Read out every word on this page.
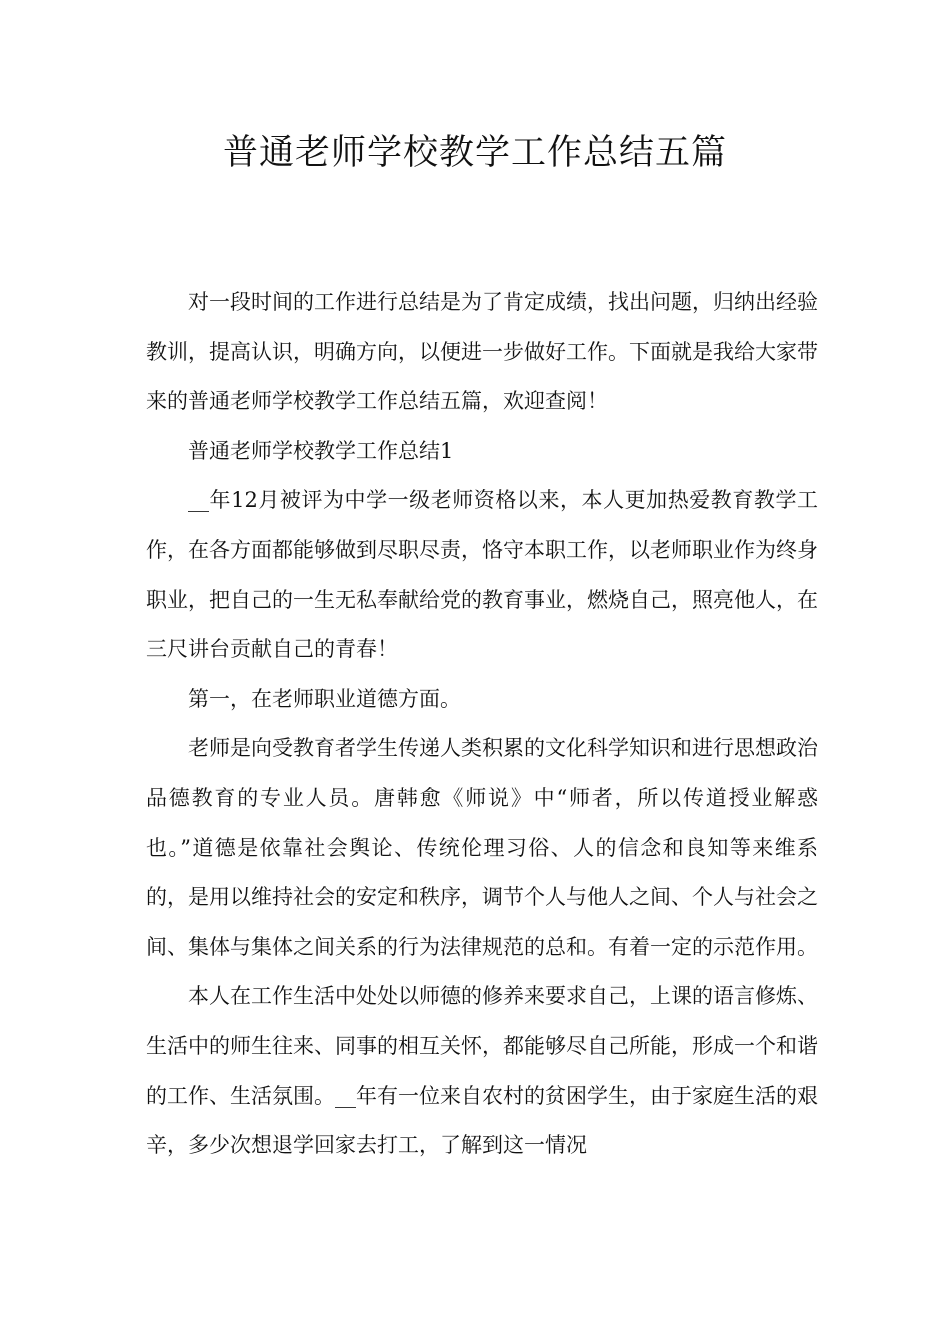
普通老师学校教学工作总结五篇

对一段时间的工作进行总结是为了肯定成绩，找出问题，归纳出经验教训，提高认识，明确方向，以便进一步做好工作。下面就是我给大家带来的普通老师学校教学工作总结五篇，欢迎查阅！

普通老师学校教学工作总结1

__年12月被评为中学一级老师资格以来，本人更加热爱教育教学工作，在各方面都能够做到尽职尽责，恪守本职工作，以老师职业作为终身职业，把自己的一生无私奉献给党的教育事业，燃烧自己，照亮他人，在三尺讲台贡献自己的青春！

第一，在老师职业道德方面。

老师是向受教育者学生传递人类积累的文化科学知识和进行思想政治品德教育的专业人员。唐韩愈《师说》中“师者，所以传道授业解惑也。”道德是依靠社会舆论、传统伦理习俗、人的信念和良知等来维系的，是用以维持社会的安定和秩序，调节个人与他人之间、个人与社会之间、集体与集体之间关系的行为法律规范的总和。有着一定的示范作用。

本人在工作生活中处处以师德的修养来要求自己，上课的语言修炼、生活中的师生往来、同事的相互关怀，都能够尽自己所能，形成一个和谐的工作、生活氛围。__年有一位来自农村的贫困学生，由于家庭生活的艰辛，多少次想退学回家去打工，了解到这一情况
